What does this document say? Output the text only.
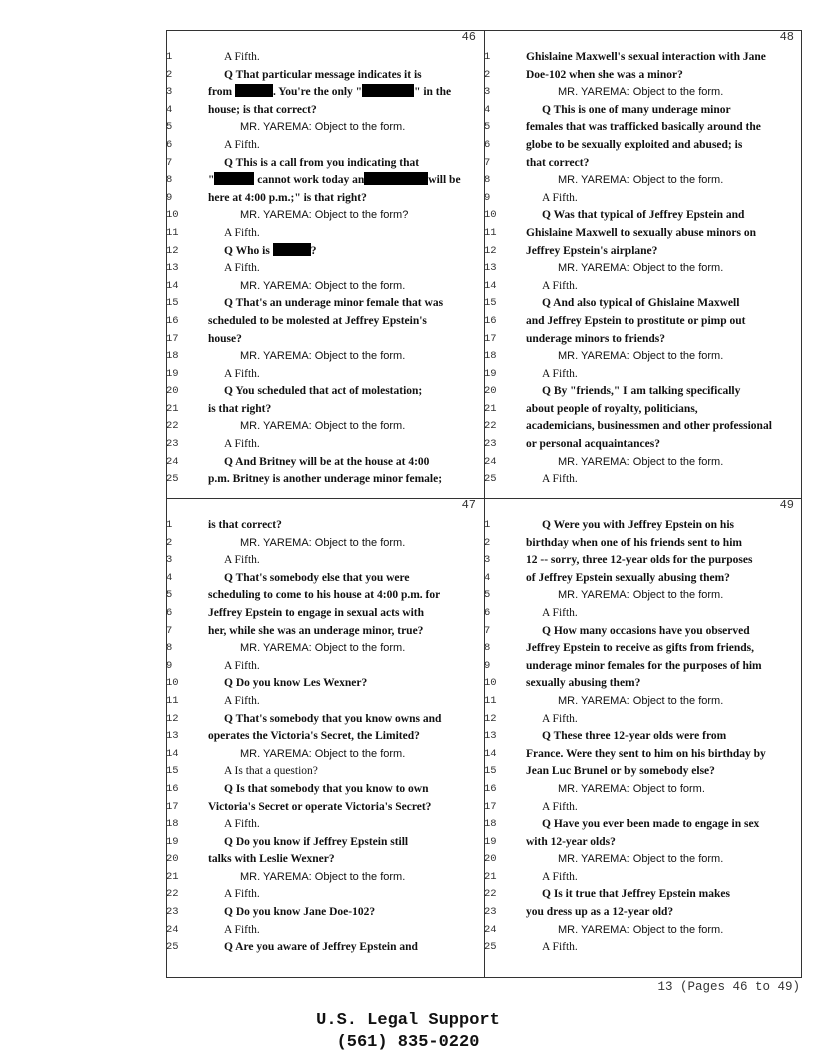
46
1	A Fifth.
2	Q That particular message indicates it is
3	from	. You're the only "	" in the
4	house; is that correct?
5	MR. YAREMA: Object to the form.
6	A Fifth.
7	Q This is a call from you indicating that
8	"	cannot work today an	will be
9	here at 4:00 p.m.;" is that right?
10	MR. YAREMA: Object to the form?
11	A Fifth.
12	Q Who is	?
13	A Fifth.
14	MR. YAREMA: Object to the form.
15	Q That's an underage minor female that was
16	scheduled to be molested at Jeffrey Epstein's
17	house?
18	MR. YAREMA: Object to the form.
19	A Fifth.
20	Q You scheduled that act of molestation;
21	is that right?
22	MR. YAREMA: Object to the form.
23	A Fifth.
24	Q And Britney will be at the house at 4:00
25	p.m. Britney is another underage minor female;
48
1	Ghislaine Maxwell's sexual interaction with Jane
2	Doe-102 when she was a minor?
3	MR. YAREMA: Object to the form.
4	Q This is one of many underage minor
5	females that was trafficked basically around the
6	globe to be sexually exploited and abused; is
7	that correct?
8	MR. YAREMA: Object to the form.
9	A Fifth.
10	Q Was that typical of Jeffrey Epstein and
11	Ghislaine Maxwell to sexually abuse minors on
12	Jeffrey Epstein's airplane?
13	MR. YAREMA: Object to the form.
14	A Fifth.
15	Q And also typical of Ghislaine Maxwell
16	and Jeffrey Epstein to prostitute or pimp out
17	underage minors to friends?
18	MR. YAREMA: Object to the form.
19	A Fifth.
20	Q By "friends," I am talking specifically
21	about people of royalty, politicians,
22	academicians, businessmen and other professional
23	or personal acquaintances?
24	MR. YAREMA: Object to the form.
25	A Fifth.
47
1	is that correct?
2	MR. YAREMA: Object to the form.
3	A Fifth.
4	Q That's somebody else that you were
5	scheduling to come to his house at 4:00 p.m. for
6	Jeffrey Epstein to engage in sexual acts with
7	her, while she was an underage minor, true?
8	MR. YAREMA: Object to the form.
9	A Fifth.
10	Q Do you know Les Wexner?
11	A Fifth.
12	Q That's somebody that you know owns and
13	operates the Victoria's Secret, the Limited?
14	MR. YAREMA: Object to the form.
15	A Is that a question?
16	Q Is that somebody that you know to own
17	Victoria's Secret or operate Victoria's Secret?
18	A Fifth.
19	Q Do you know if Jeffrey Epstein still
20	talks with Leslie Wexner?
21	MR. YAREMA: Object to the form.
22	A Fifth.
23	Q Do you know Jane Doe-102?
24	A Fifth.
25	Q Are you aware of Jeffrey Epstein and
49
1	Q Were you with Jeffrey Epstein on his
2	birthday when one of his friends sent to him
3	12 -- sorry, three 12-year olds for the purposes
4	of Jeffrey Epstein sexually abusing them?
5	MR. YAREMA: Object to the form.
6	A Fifth.
7	Q How many occasions have you observed
8	Jeffrey Epstein to receive as gifts from friends,
9	underage minor females for the purposes of him
10	sexually abusing them?
11	MR. YAREMA: Object to the form.
12	A Fifth.
13	Q These three 12-year olds were from
14	France. Were they sent to him on his birthday by
15	Jean Luc Brunel or by somebody else?
16	MR. YAREMA: Object to form.
17	A Fifth.
18	Q Have you ever been made to engage in sex
19	with 12-year olds?
20	MR. YAREMA: Object to the form.
21	A Fifth.
22	Q Is it true that Jeffrey Epstein makes
23	you dress up as a 12-year old?
24	MR. YAREMA: Object to the form.
25	A Fifth.
13 (Pages 46 to 49)
U.S. Legal Support
(561) 835-0220
